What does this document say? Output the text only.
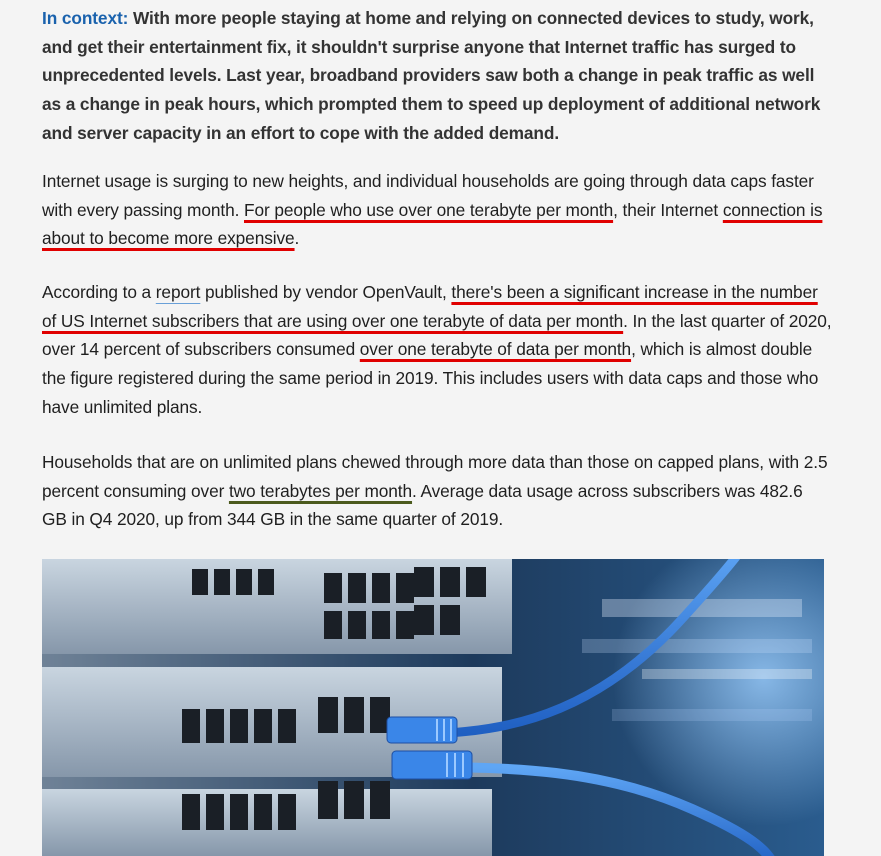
In context: With more people staying at home and relying on connected devices to study, work, and get their entertainment fix, it shouldn't surprise anyone that Internet traffic has surged to unprecedented levels. Last year, broadband providers saw both a change in peak traffic as well as a change in peak hours, which prompted them to speed up deployment of additional network and server capacity in an effort to cope with the added demand.

Internet usage is surging to new heights, and individual households are going through data caps faster with every passing month. For people who use over one terabyte per month, their Internet connection is about to become more expensive.

According to a report published by vendor OpenVault, there's been a significant increase in the number of US Internet subscribers that are using over one terabyte of data per month. In the last quarter of 2020, over 14 percent of subscribers consumed over one terabyte of data per month, which is almost double the figure registered during the same period in 2019. This includes users with data caps and those who have unlimited plans.

Households that are on unlimited plans chewed through more data than those on capped plans, with 2.5 percent consuming over two terabytes per month. Average data usage across subscribers was 482.6 GB in Q4 2020, up from 344 GB in the same quarter of 2019.
